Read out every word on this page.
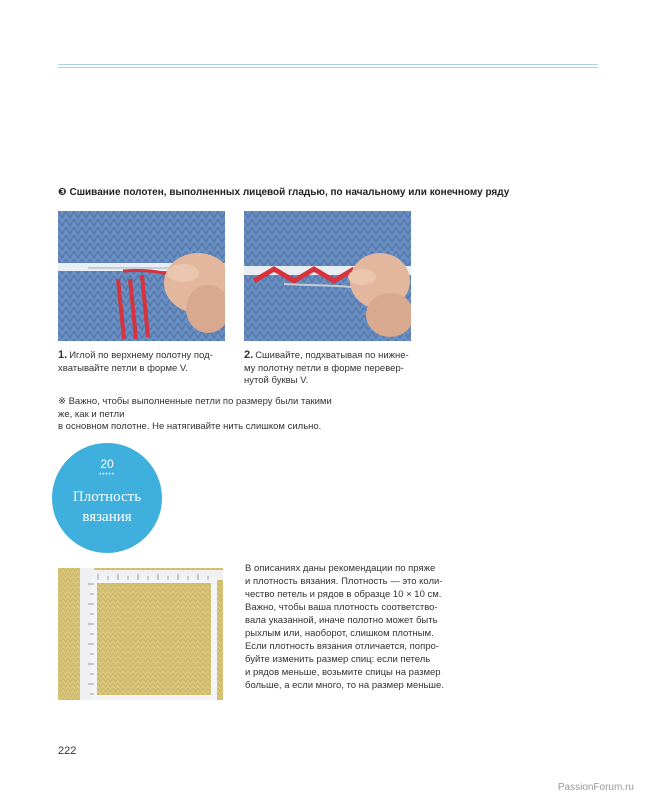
❸ Сшивание полотен, выполненных лицевой гладью, по начальному или конечному ряду
1. Иглой по верхнему полотну под-
хватывайте петли в форме V.
2. Сшивайте, подхватывая по нижне-
му полотну петли в форме перевер-
нутой буквы V.
※ Важно, чтобы выполненные петли по размеру были такими же, как и петли
в основном полотне. Не натягивайте нить слишком сильно.
20
•••••
Плотность
вязания
В описаниях даны рекомендации по пряже
и плотность вязания. Плотность — это коли-
чество петель и рядов в образце 10 × 10 см.
Важно, чтобы ваша плотность соответство-
вала указанной, иначе полотно может быть
рыхлым или, наоборот, слишком плотным.
Если плотность вязания отличается, попро-
буйте изменить размер спиц: если петель
и рядов меньше, возьмите спицы на размер
больше, а если много, то на размер меньше.
222
PassionForum.ru
